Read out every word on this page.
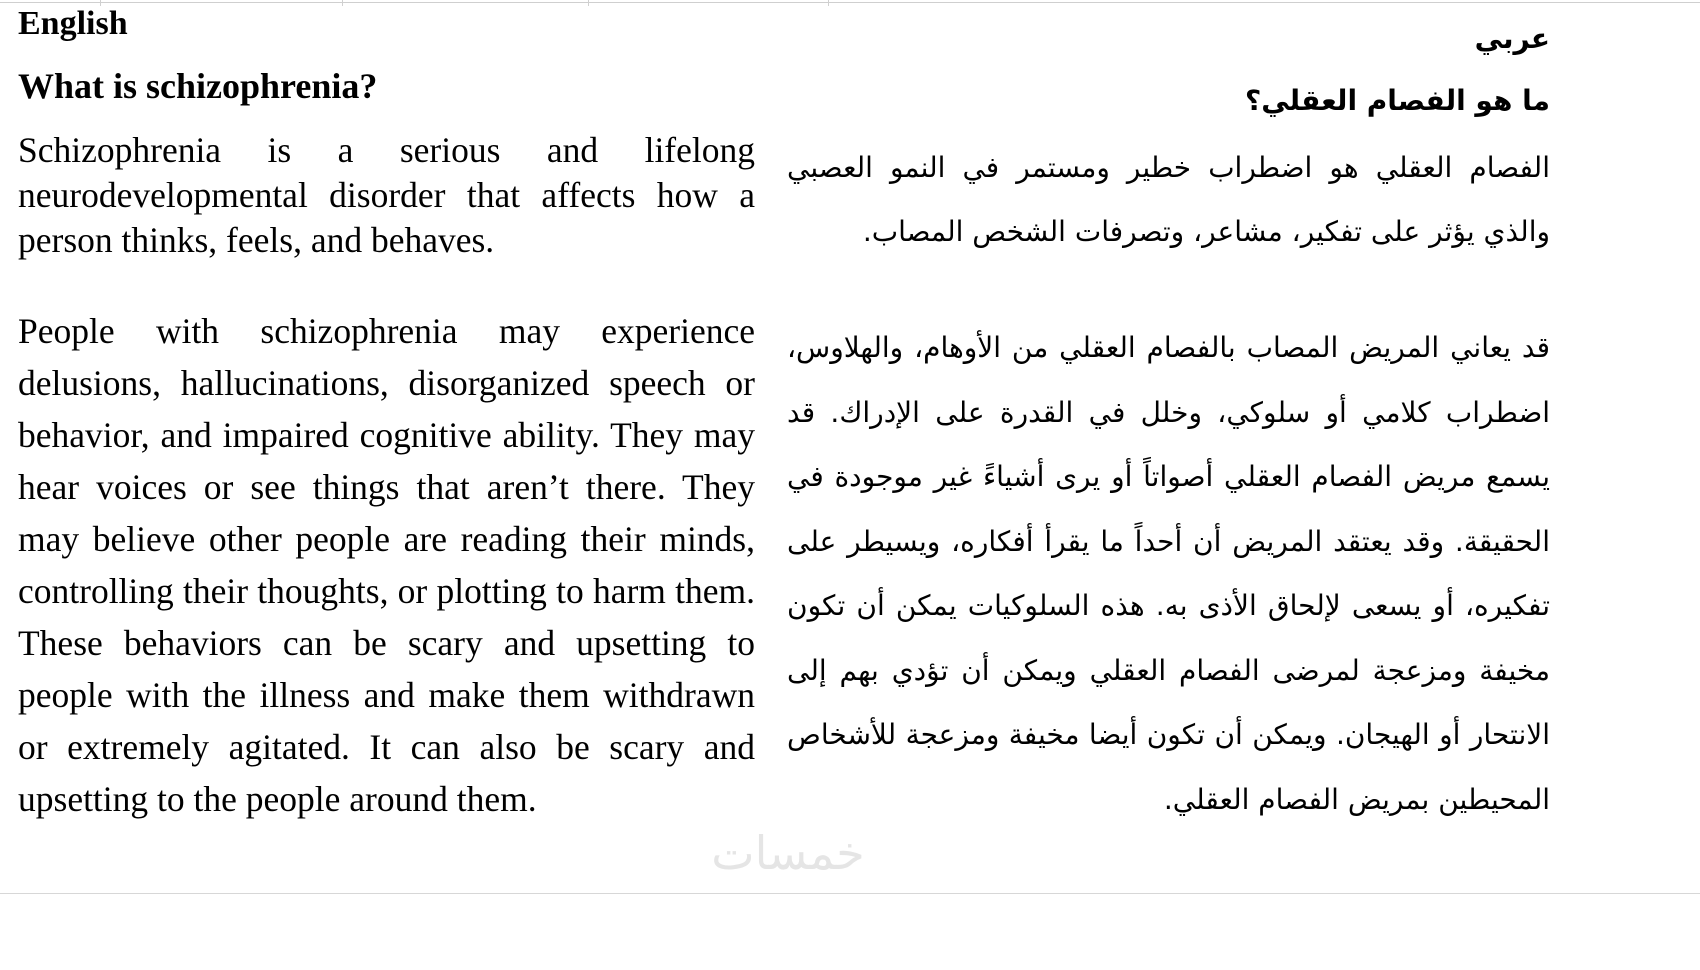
English

What is schizophrenia?

Schizophrenia is a serious and lifelong neurodevelopmental disorder that affects how a person thinks, feels, and behaves.

People with schizophrenia may experience delusions, hallucinations, disorganized speech or behavior, and impaired cognitive ability. They may hear voices or see things that aren’t there. They may believe other people are reading their minds, controlling their thoughts, or plotting to harm them. These behaviors can be scary and upsetting to people with the illness and make them withdrawn or extremely agitated. It can also be scary and upsetting to the people around them.

عربي

ما هو الفصام العقلي؟

الفصام العقلي هو اضطراب خطير ومستمر في النمو العصبي والذي يؤثر على تفكير، مشاعر، وتصرفات الشخص المصاب.

قد يعاني المريض المصاب بالفصام العقلي من الأوهام، والهلاوس، اضطراب كلامي أو سلوكي، وخلل في القدرة على الإدراك. قد يسمع مريض الفصام العقلي أصواتاً أو يرى أشياءً غير موجودة في الحقيقة. وقد يعتقد المريض أن أحداً ما يقرأ أفكاره، ويسيطر على تفكيره، أو يسعى لإلحاق الأذى به. هذه السلوكيات يمكن أن تكون مخيفة ومزعجة لمرضى الفصام العقلي ويمكن أن تؤدي بهم إلى الانتحار أو الهيجان. ويمكن أن تكون أيضا مخيفة ومزعجة للأشخاص المحيطين بمريض الفصام العقلي.

خمسات
